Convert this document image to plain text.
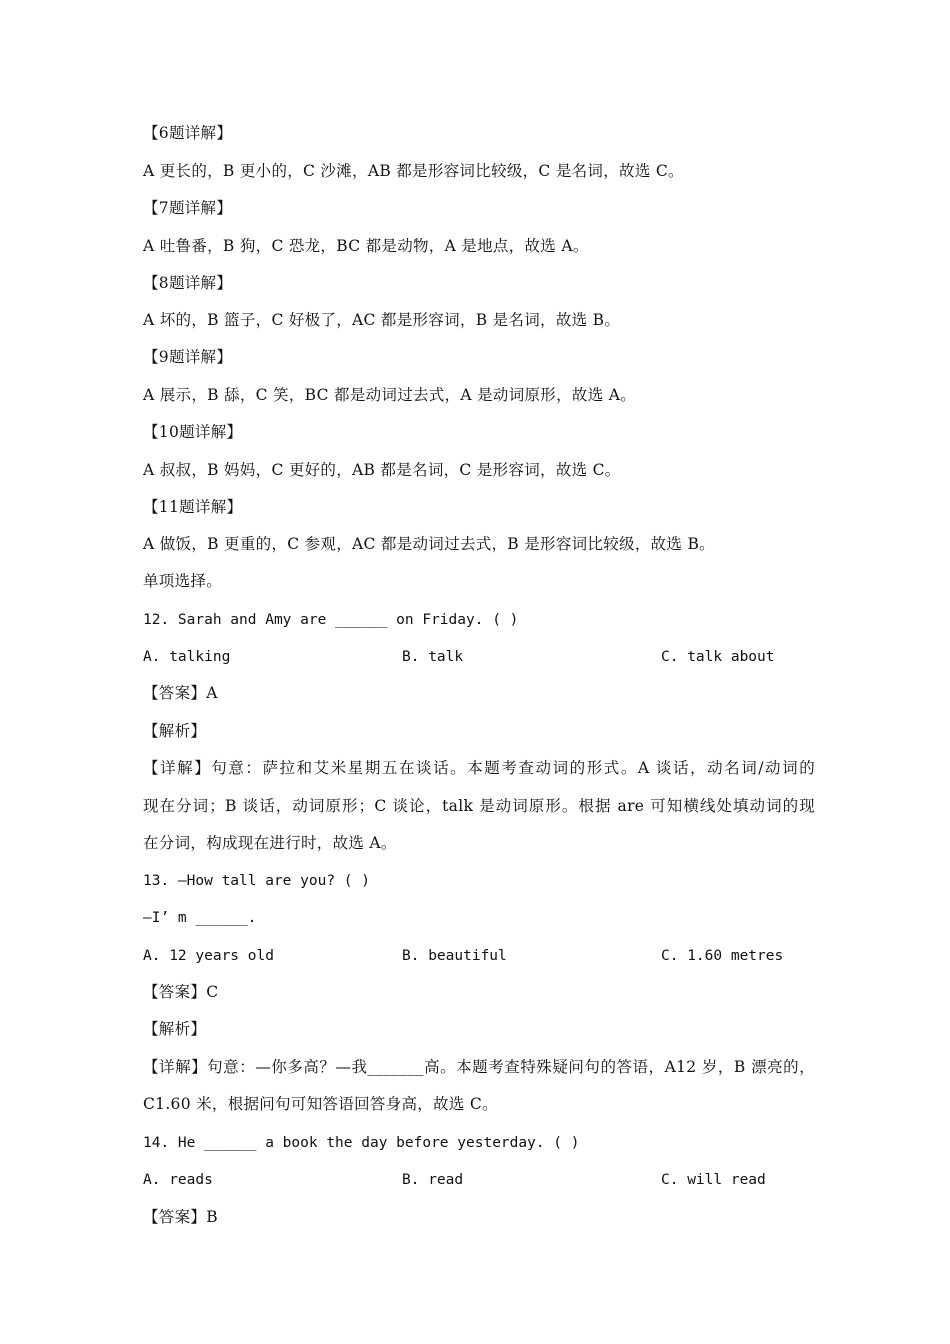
【6题详解】
A 更长的，B 更小的，C 沙滩，AB 都是形容词比较级，C 是名词，故选 C。
【7题详解】
A 吐鲁番，B 狗，C 恐龙，BC 都是动物，A 是地点，故选 A。
【8题详解】
A 坏的，B 篮子，C 好极了，AC 都是形容词，B 是名词，故选 B。
【9题详解】
A 展示，B 舔，C 笑，BC 都是动词过去式，A 是动词原形，故选 A。
【10题详解】
A 叔叔，B 妈妈，C 更好的，AB 都是名词，C 是形容词，故选 C。
【11题详解】
A 做饭，B 更重的，C 参观，AC 都是动词过去式，B 是形容词比较级，故选 B。
单项选择。
12. Sarah and Amy are ______ on Friday. ( )
A. talking	B. talk	C. talk about
【答案】A
【解析】
【详解】句意：萨拉和艾米星期五在谈话。本题考查动词的形式。A 谈话，动名词/动词的
现在分词；B 谈话，动词原形；C 谈论，talk 是动词原形。根据 are 可知横线处填动词的现
在分词，构成现在进行时，故选 A。
13. —How tall are you? ( )
—I’ m ______.
A. 12 years old	B. beautiful	C. 1.60 metres
【答案】C
【解析】
【详解】句意：—你多高？—我_______高。本题考查特殊疑问句的答语，A12 岁，B 漂亮的，
C1.60 米，根据问句可知答语回答身高，故选 C。
14. He ______ a book the day before yesterday. ( )
A. reads	B. read	C. will read
【答案】B
